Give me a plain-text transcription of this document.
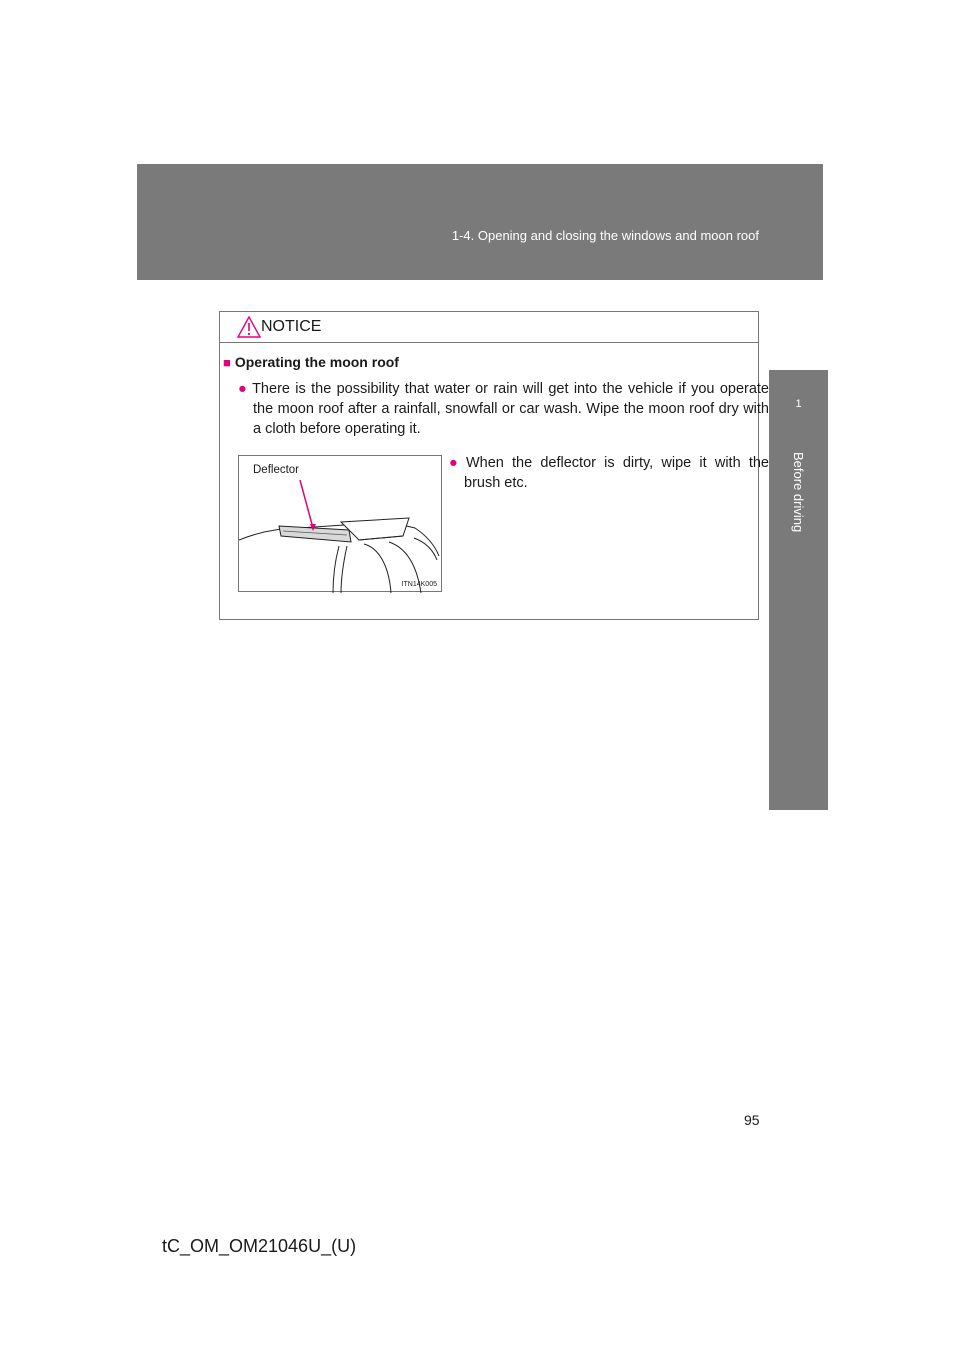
1-4. Opening and closing the windows and moon roof
1
Before driving
NOTICE
■ Operating the moon roof
● There is the possibility that water or rain will get into the vehicle if you operate the moon roof after a rainfall, snowfall or car wash. Wipe the moon roof dry with a cloth before operating it.
Deflector
ITN14K005
● When the deflector is dirty, wipe it with the brush etc.
95
tC_OM_OM21046U_(U)
